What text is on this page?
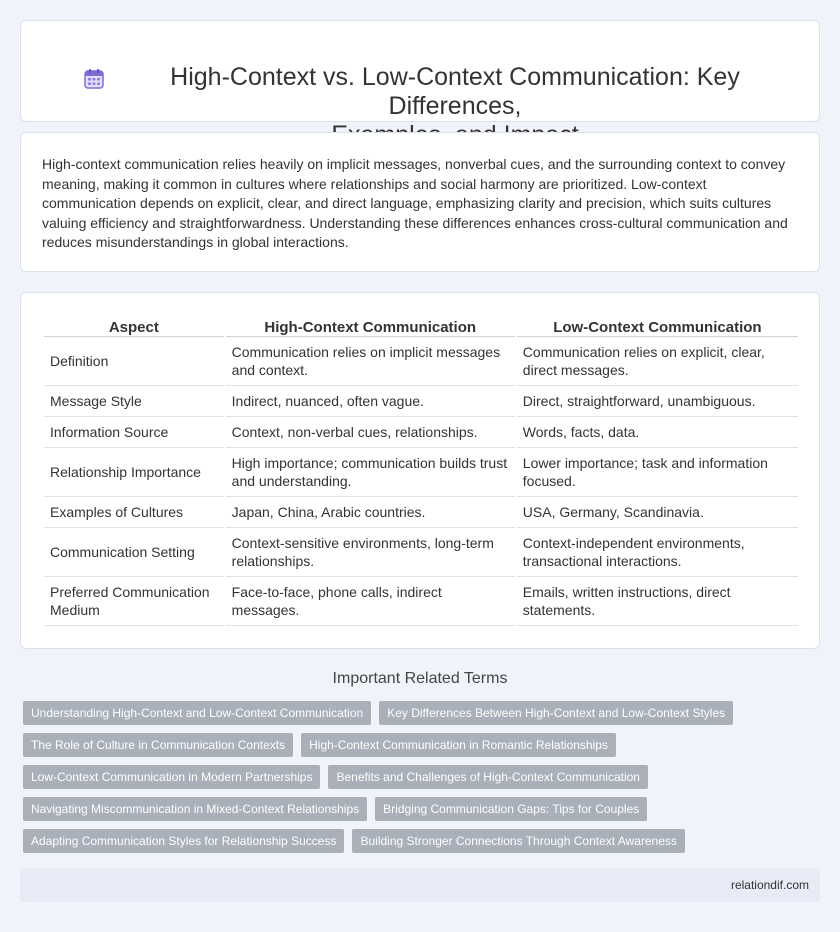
High-Context vs. Low-Context Communication: Key Differences,

High-context communication relies heavily on implicit messages, nonverbal cues, and the surrounding context to convey meaning, making it common in cultures where relationships and social harmony are prioritized. Low-context communication depends on explicit, clear, and direct language, emphasizing clarity and precision, which suits cultures valuing efficiency and straightforwardness. Understanding these differences enhances cross-cultural communication and reduces misunderstandings in global interactions.

Aspect	High-Context Communication	Low-Context Communication
Definition	Communication relies on implicit messages and context.	Communication relies on explicit, clear, direct messages.
Message Style	Indirect, nuanced, often vague.	Direct, straightforward, unambiguous.
Information Source	Context, non-verbal cues, relationships.	Words, facts, data.
Relationship Importance	High importance; communication builds trust and understanding.	Lower importance; task and information focused.
Examples of Cultures	Japan, China, Arabic countries.	USA, Germany, Scandinavia.
Communication Setting	Context-sensitive environments, long-term relationships.	Context-independent environments, transactional interactions.
Preferred Communication Medium	Face-to-face, phone calls, indirect messages.	Emails, written instructions, direct statements.
Important Related Terms
Understanding High-Context and Low-Context Communication	Key Differences Between High-Context and Low-Context Styles
The Role of Culture in Communication Contexts	High-Context Communication in Romantic Relationships
Low-Context Communication in Modern Partnerships	Benefits and Challenges of High-Context Communication
Navigating Miscommunication in Mixed-Context Relationships	Bridging Communication Gaps: Tips for Couples
Adapting Communication Styles for Relationship Success	Building Stronger Connections Through Context Awareness
relationdif.com
